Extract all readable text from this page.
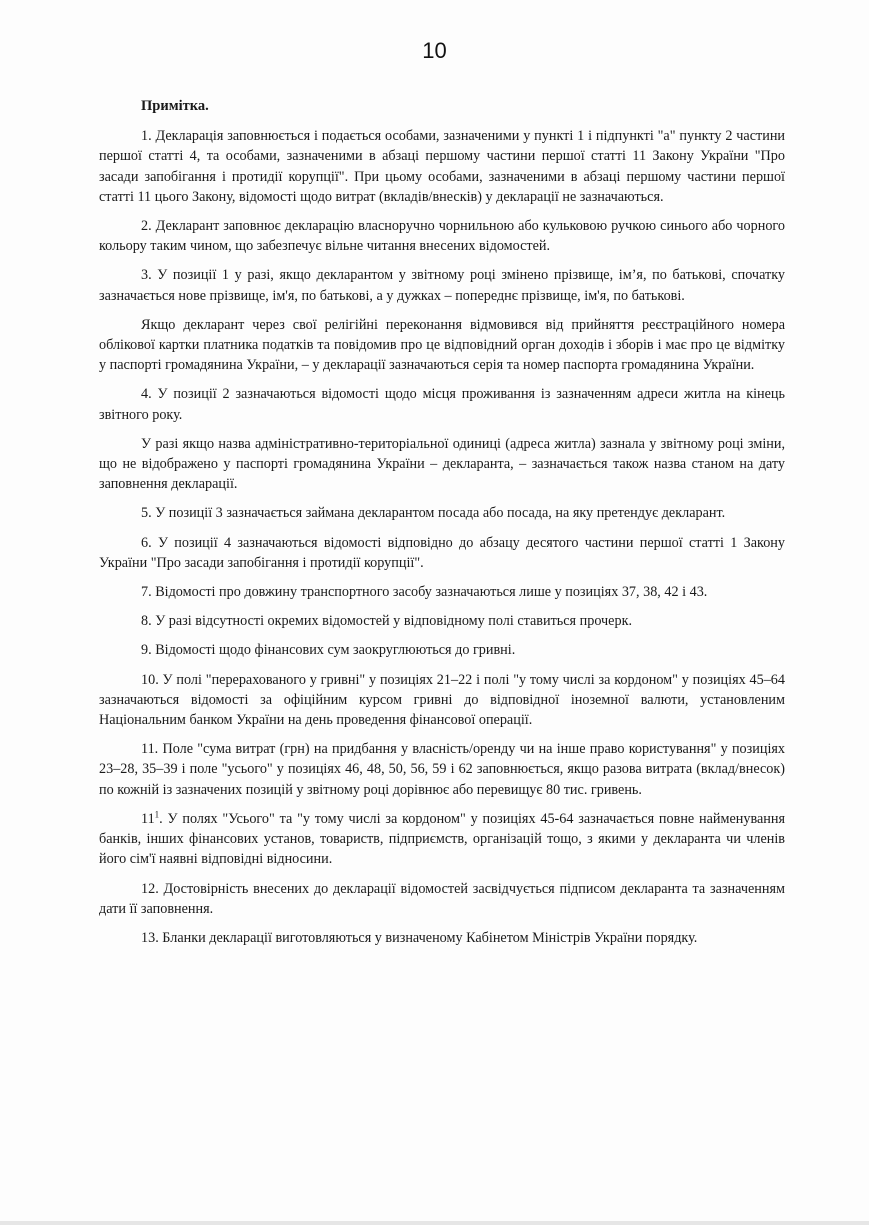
10
Примітка.

1. Декларація заповнюється і подається особами, зазначеними у пункті 1 і підпункті "а" пункту 2 частини першої статті 4, та особами, зазначеними в абзаці першому частини першої статті 11 Закону України "Про засади запобігання і протидії корупції". При цьому особами, зазначеними в абзаці першому частини першої статті 11 цього Закону, відомості щодо витрат (вкладів/внесків) у декларації не зазначаються.

2. Декларант заповнює декларацію власноручно чорнильною або кульковою ручкою синього або чорного кольору таким чином, що забезпечує вільне читання внесених відомостей.

3. У позиції 1 у разі, якщо декларантом у звітному році змінено прізвище, ім’я, по батькові, спочатку зазначається нове прізвище, ім'я, по батькові, а у дужках – попереднє прізвище, ім'я, по батькові.

Якщо декларант через свої релігійні переконання відмовився від прийняття реєстраційного номера облікової картки платника податків та повідомив про це відповідний орган доходів і зборів і має про це відмітку у паспорті громадянина України, – у декларації зазначаються серія та номер паспорта громадянина України.

4. У позиції 2 зазначаються відомості щодо місця проживання із зазначенням адреси житла на кінець звітного року.

У разі якщо назва адміністративно-територіальної одиниці (адреса житла) зазнала у звітному році зміни, що не відображено у паспорті громадянина України – декларанта, – зазначається також назва станом на дату заповнення декларації.

5. У позиції 3 зазначається займана декларантом посада або посада, на яку претендує декларант.

6. У позиції 4 зазначаються відомості відповідно до абзацу десятого частини першої статті 1 Закону України "Про засади запобігання і протидії корупції".

7. Відомості про довжину транспортного засобу зазначаються лише у позиціях 37, 38, 42 і 43.

8. У разі відсутності окремих відомостей у відповідному полі ставиться прочерк.

9. Відомості щодо фінансових сум заокруглюються до гривні.

10. У полі "перерахованого у гривні" у позиціях 21–22 і полі "у тому числі за кордоном" у позиціях 45–64 зазначаються відомості за офіційним курсом гривні до відповідної іноземної валюти, установленим Національним банком України на день проведення фінансової операції.

11. Поле "сума витрат (грн) на придбання у власність/оренду чи на інше право користування" у позиціях 23–28, 35–39 і поле "усього" у позиціях 46, 48, 50, 56, 59 і 62 заповнюється, якщо разова витрата (вклад/внесок) по кожній із зазначених позицій у звітному році дорівнює або перевищує 80 тис. гривень.

$11^1$. У полях "Усього" та "у тому числі за кордоном" у позиціях 45-64 зазначається повне найменування банків, інших фінансових установ, товариств, підприємств, організацій тощо, з якими у декларанта чи членів його сім'ї наявні відповідні відносини.

12. Достовірність внесених до декларації відомостей засвідчується підписом декларанта та зазначенням дати її заповнення.

13. Бланки декларації виготовляються у визначеному Кабінетом Міністрів України порядку.
